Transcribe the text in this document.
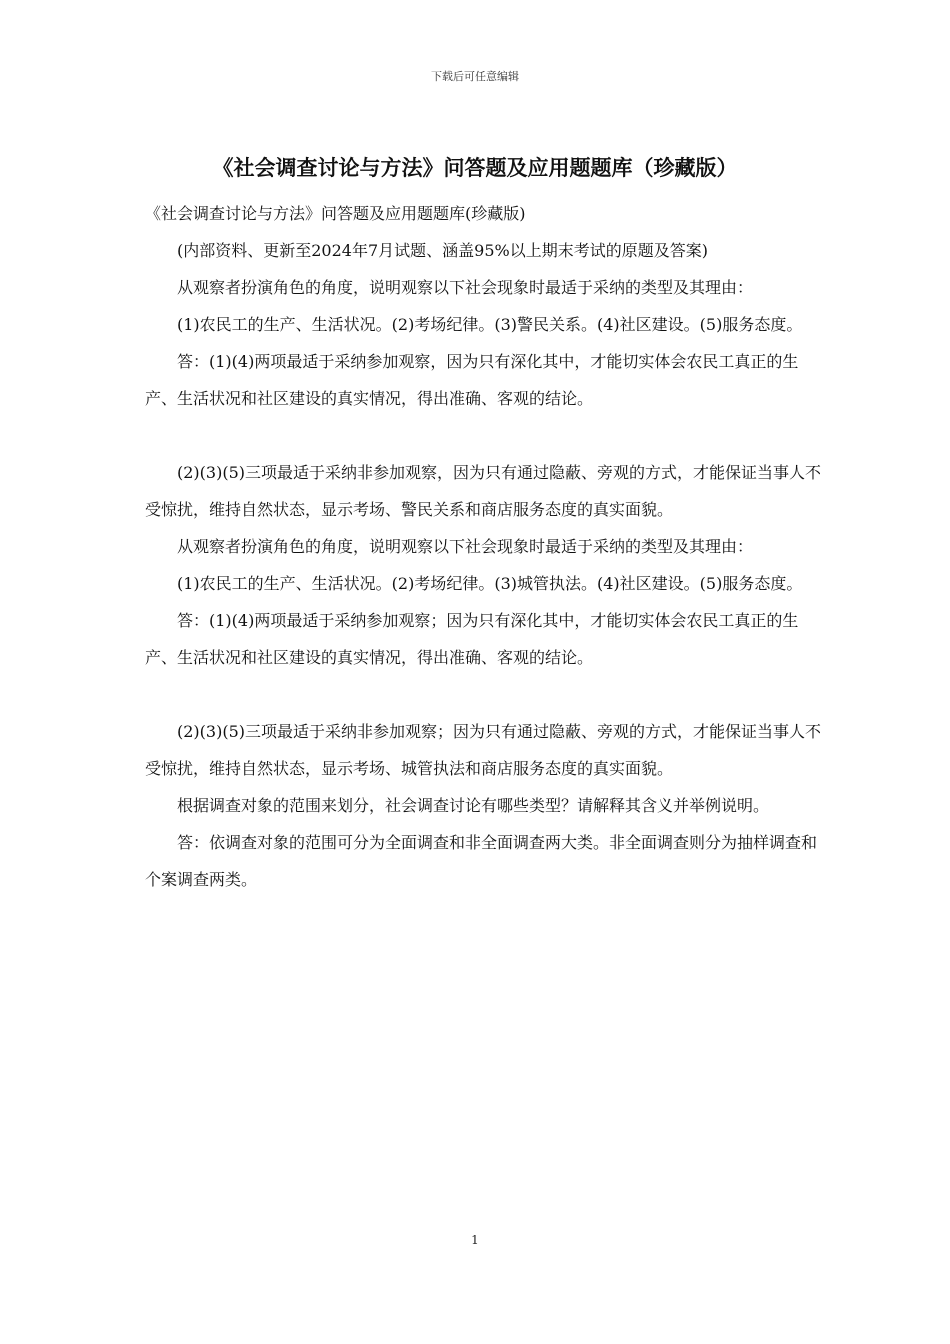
下载后可任意编辑
《社会调查讨论与方法》问答题及应用题题库（珍藏版）

《社会调查讨论与方法》问答题及应用题题库(珍藏版)

(内部资料、更新至2024年7月试题、涵盖95%以上期末考试的原题及答案)

从观察者扮演角色的角度，说明观察以下社会现象时最适于采纳的类型及其理由：

(1)农民工的生产、生活状况。(2)考场纪律。(3)警民关系。(4)社区建设。(5)服务态度。

答：(1)(4)两项最适于采纳参加观察，因为只有深化其中，才能切实体会农民工真正的生产、生活状况和社区建设的真实情况，得出准确、客观的结论。

(2)(3)(5)三项最适于采纳非参加观察，因为只有通过隐蔽、旁观的方式，才能保证当事人不受惊扰，维持自然状态，显示考场、警民关系和商店服务态度的真实面貌。

从观察者扮演角色的角度，说明观察以下社会现象时最适于采纳的类型及其理由：

(1)农民工的生产、生活状况。(2)考场纪律。(3)城管执法。(4)社区建设。(5)服务态度。

答：(1)(4)两项最适于采纳参加观察；因为只有深化其中，才能切实体会农民工真正的生产、生活状况和社区建设的真实情况，得出准确、客观的结论。

(2)(3)(5)三项最适于采纳非参加观察；因为只有通过隐蔽、旁观的方式，才能保证当事人不受惊扰，维持自然状态，显示考场、城管执法和商店服务态度的真实面貌。

根据调查对象的范围来划分，社会调查讨论有哪些类型？请解释其含义并举例说明。

答：依调查对象的范围可分为全面调查和非全面调查两大类。非全面调查则分为抽样调查和个案调查两类。

1
